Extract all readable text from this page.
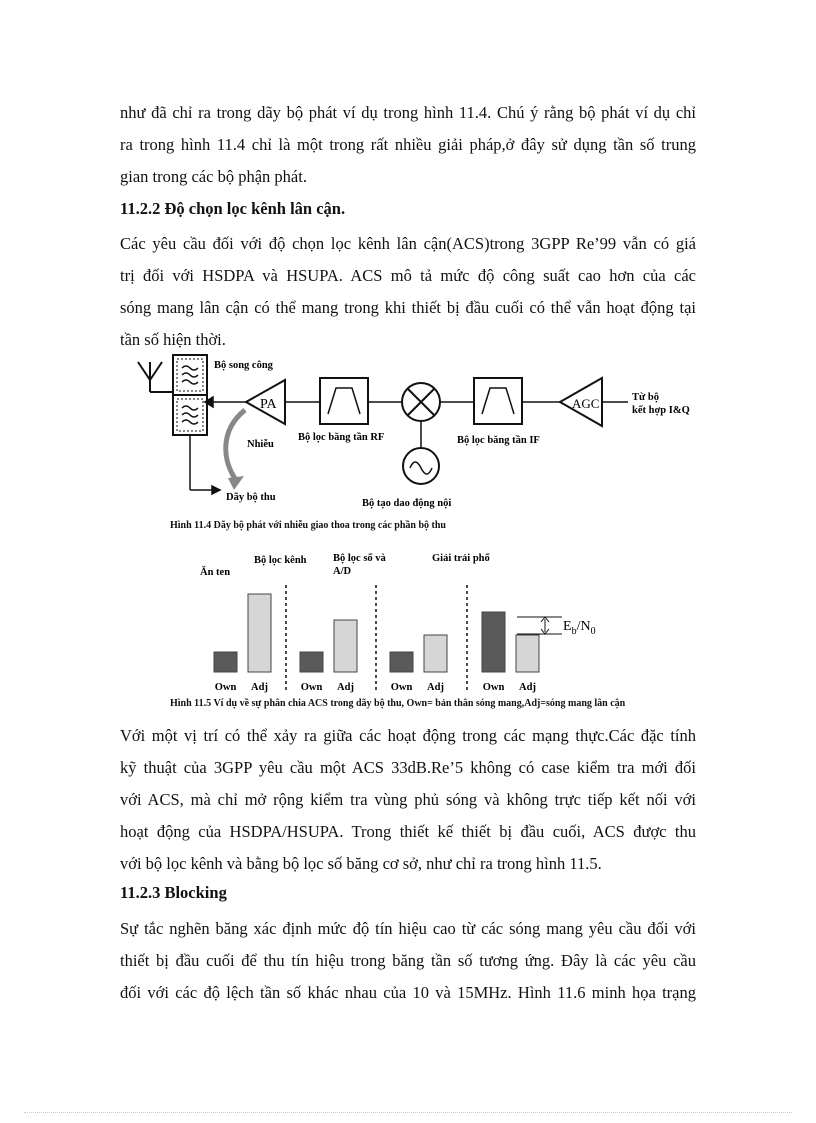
như đã chỉ ra trong dãy bộ phát ví dụ trong hình 11.4. Chú ý rằng bộ phát ví dụ chỉ
ra trong hình 11.4 chỉ là một trong rất nhiều giải pháp,ở đây sử dụng tần số trung
gian trong các bộ phận phát.
11.2.2 Độ chọn lọc kênh lân cận.
Các yêu cầu đối với độ chọn lọc kênh lân cận(ACS)trong 3GPP Re’99 vẫn có giá
trị đối với HSDPA và HSUPA. ACS mô tả mức độ công suất cao hơn của các
sóng mang lân cận có thể mang trong khi thiết bị đầu cuối có thể vẫn hoạt động tại
tần số hiện thời.
Bộ song công
Dãy bộ thu
PA
Nhiễu
Bộ lọc băng tần RF
Bộ tạo dao động nội
Bộ lọc băng tần IF
AGC	Từ bộ
kết hợp I&Q
Hình 11.4 Dãy bộ phát với nhiễu giao thoa trong các phần bộ thu
Ăn ten
Bộ lọc kênh	Bộ lọc số và
A/D
Giải trải phổ
$E_b/N_0$
Own	Own	Own	Own
Adj	Adj	Adj	Adj
Hình 11.5 Ví dụ về sự phân chia ACS trong dãy bộ thu, Own= bản thân sóng mang,Adj=sóng mang lân cận
Với một vị trí có thể xảy ra giữa các hoạt động trong các mạng thực.Các đặc tính
kỹ thuật của 3GPP yêu cầu một ACS 33dB.Re’5 không có case kiểm tra mới đối
với ACS, mà chỉ mở rộng kiểm tra vùng phủ sóng và không trực tiếp kết nối với
hoạt động của HSDPA/HSUPA. Trong thiết kế thiết bị đầu cuối, ACS được thu
với bộ lọc kênh và bằng bộ lọc số băng cơ sở, như chỉ ra trong hình 11.5.
11.2.3 Blocking
Sự tắc nghẽn băng xác định mức độ tín hiệu cao từ các sóng mang yêu cầu đối với
thiết bị đầu cuối để thu tín hiệu trong băng tần số tương ứng. Đây là các yêu cầu
đối với các độ lệch tần số khác nhau của 10 và 15MHz. Hình 11.6 minh họa trạng
